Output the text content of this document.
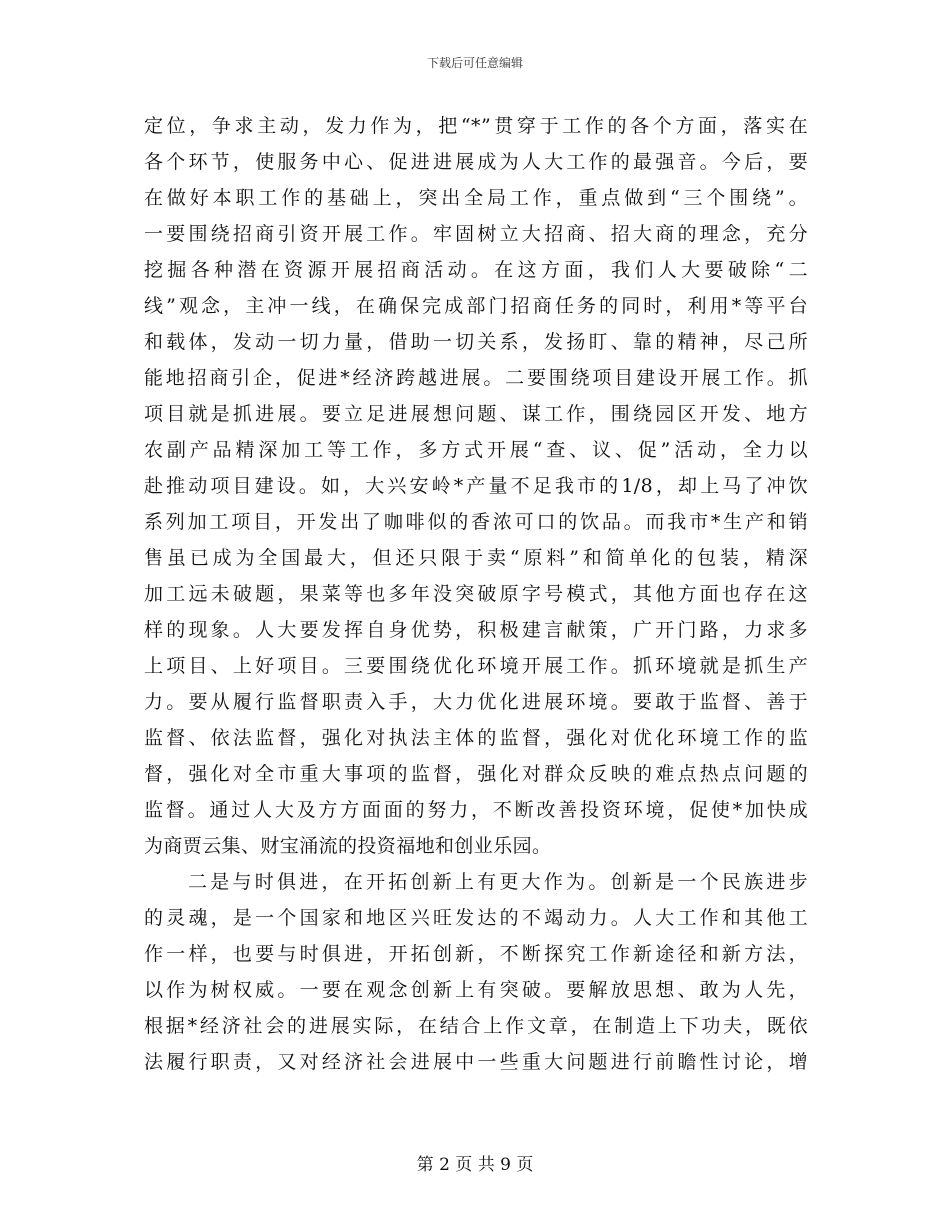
下载后可任意编辑
定位，争求主动，发力作为，把“*”贯穿于工作的各个方面，落实在
各个环节，使服务中心、促进进展成为人大工作的最强音。今后，要
在做好本职工作的基础上，突出全局工作，重点做到“三个围绕”。
一要围绕招商引资开展工作。牢固树立大招商、招大商的理念，充分
挖掘各种潜在资源开展招商活动。在这方面，我们人大要破除“二
线”观念，主冲一线，在确保完成部门招商任务的同时，利用*等平台
和载体，发动一切力量，借助一切关系，发扬盯、靠的精神，尽己所
能地招商引企，促进*经济跨越进展。二要围绕项目建设开展工作。抓
项目就是抓进展。要立足进展想问题、谋工作，围绕园区开发、地方
农副产品精深加工等工作，多方式开展“查、议、促”活动，全力以
赴推动项目建设。如，大兴安岭*产量不足我市的1/8，却上马了冲饮
系列加工项目，开发出了咖啡似的香浓可口的饮品。而我市*生产和销
售虽已成为全国最大，但还只限于卖“原料”和简单化的包装，精深
加工远未破题，果菜等也多年没突破原字号模式，其他方面也存在这
样的现象。人大要发挥自身优势，积极建言献策，广开门路，力求多
上项目、上好项目。三要围绕优化环境开展工作。抓环境就是抓生产
力。要从履行监督职责入手，大力优化进展环境。要敢于监督、善于
监督、依法监督，强化对执法主体的监督，强化对优化环境工作的监
督，强化对全市重大事项的监督，强化对群众反映的难点热点问题的
监督。通过人大及方方面面的努力，不断改善投资环境，促使*加快成
为商贾云集、财宝涌流的投资福地和创业乐园。
二是与时俱进，在开拓创新上有更大作为。创新是一个民族进步
的灵魂，是一个国家和地区兴旺发达的不竭动力。人大工作和其他工
作一样，也要与时俱进，开拓创新，不断探究工作新途径和新方法，
以作为树权威。一要在观念创新上有突破。要解放思想、敢为人先，
根据*经济社会的进展实际，在结合上作文章，在制造上下功夫，既依
法履行职责，又对经济社会进展中一些重大问题进行前瞻性讨论，增
第 2 页 共 9 页
